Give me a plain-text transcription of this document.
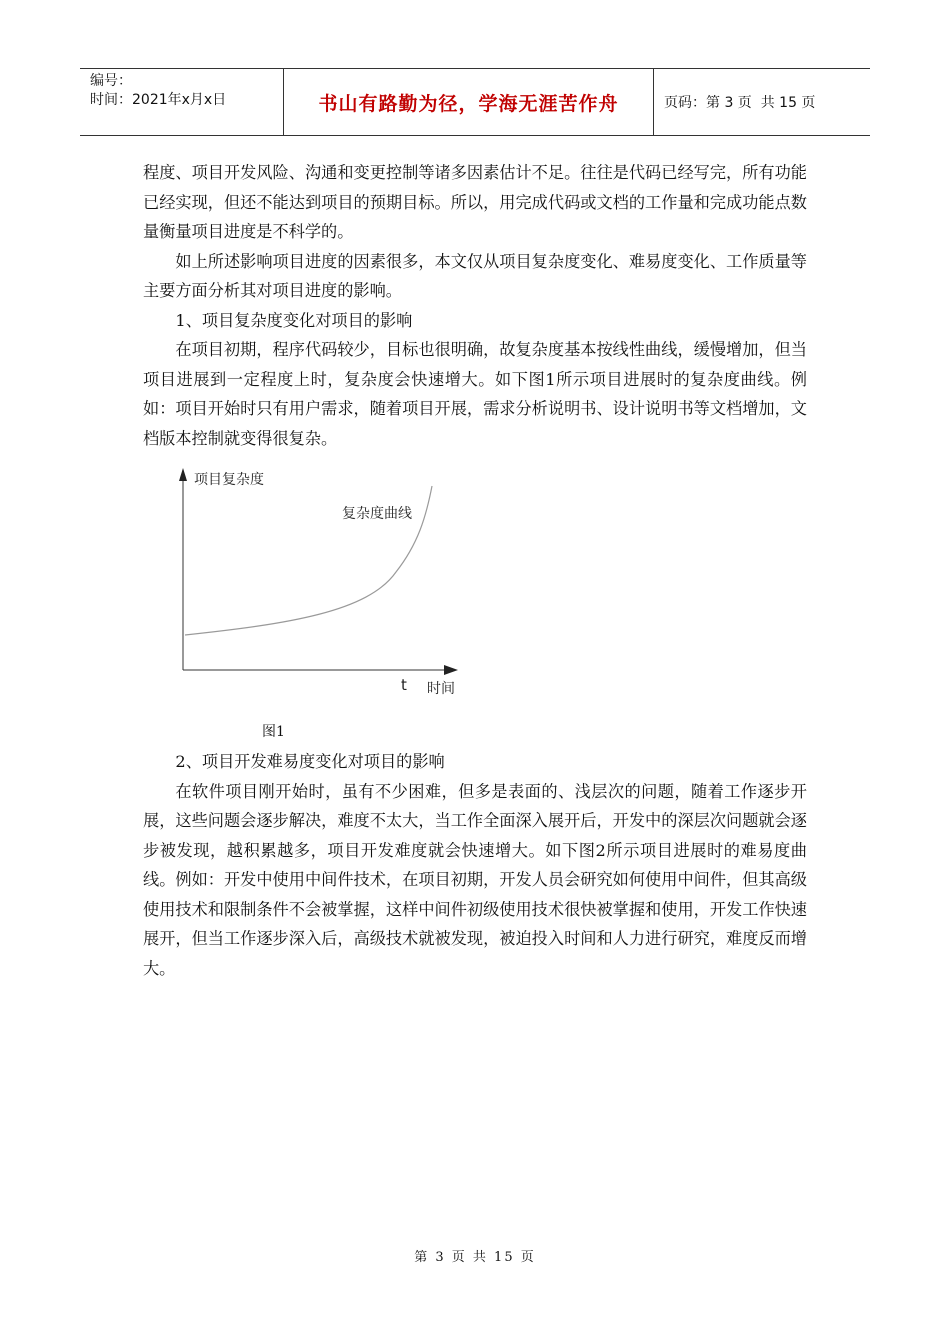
编号：
时间：2021年x月x日	书山有路勤为径，学海无涯苦作舟	页码：第 3 页  共 15 页

程度、项目开发风险、沟通和变更控制等诸多因素估计不足。往往是代码已经写完，所有功能已经实现，但还不能达到项目的预期目标。所以，用完成代码或文档的工作量和完成功能点数量衡量项目进度是不科学的。

如上所述影响项目进度的因素很多，本文仅从项目复杂度变化、难易度变化、工作质量等主要方面分析其对项目进度的影响。

1、项目复杂度变化对项目的影响

在项目初期，程序代码较少，目标也很明确，故复杂度基本按线性曲线，缓慢增加，但当项目进展到一定程度上时，复杂度会快速增大。如下图1所示项目进展时的复杂度曲线。例如：项目开始时只有用户需求，随着项目开展，需求分析说明书、设计说明书等文档增加，文档版本控制就变得很复杂。

项目复杂度
复杂度曲线
t 时间
图1

2、项目开发难易度变化对项目的影响

在软件项目刚开始时，虽有不少困难，但多是表面的、浅层次的问题，随着工作逐步开展，这些问题会逐步解决，难度不太大，当工作全面深入展开后，开发中的深层次问题就会逐步被发现，越积累越多，项目开发难度就会快速增大。如下图2所示项目进展时的难易度曲线。例如：开发中使用中间件技术，在项目初期，开发人员会研究如何使用中间件，但其高级使用技术和限制条件不会被掌握，这样中间件初级使用技术很快被掌握和使用，开发工作快速展开，但当工作逐步深入后，高级技术就被发现，被迫投入时间和人力进行研究，难度反而增大。

第 3 页 共 15 页
